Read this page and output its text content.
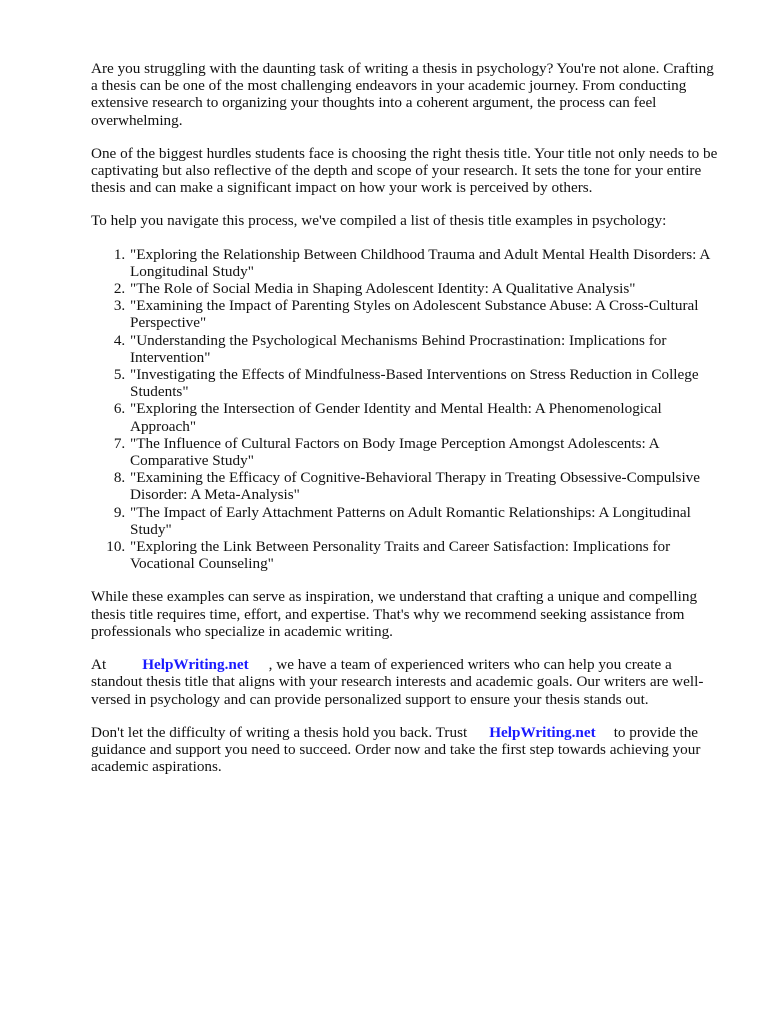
Are you struggling with the daunting task of writing a thesis in psychology? You're not alone. Crafting a thesis can be one of the most challenging endeavors in your academic journey. From conducting extensive research to organizing your thoughts into a coherent argument, the process can feel overwhelming.

One of the biggest hurdles students face is choosing the right thesis title. Your title not only needs to be captivating but also reflective of the depth and scope of your research. It sets the tone for your entire thesis and can make a significant impact on how your work is perceived by others.

To help you navigate this process, we've compiled a list of thesis title examples in psychology:

1. "Exploring the Relationship Between Childhood Trauma and Adult Mental Health Disorders: A Longitudinal Study"
2. "The Role of Social Media in Shaping Adolescent Identity: A Qualitative Analysis"
3. "Examining the Impact of Parenting Styles on Adolescent Substance Abuse: A Cross-Cultural Perspective"
4. "Understanding the Psychological Mechanisms Behind Procrastination: Implications for Intervention"
5. "Investigating the Effects of Mindfulness-Based Interventions on Stress Reduction in College Students"
6. "Exploring the Intersection of Gender Identity and Mental Health: A Phenomenological Approach"
7. "The Influence of Cultural Factors on Body Image Perception Amongst Adolescents: A Comparative Study"
8. "Examining the Efficacy of Cognitive-Behavioral Therapy in Treating Obsessive-Compulsive Disorder: A Meta-Analysis"
9. "The Impact of Early Attachment Patterns on Adult Romantic Relationships: A Longitudinal Study"
10. "Exploring the Link Between Personality Traits and Career Satisfaction: Implications for Vocational Counseling"

While these examples can serve as inspiration, we understand that crafting a unique and compelling thesis title requires time, effort, and expertise. That's why we recommend seeking assistance from professionals who specialize in academic writing.

At HelpWriting.net , we have a team of experienced writers who can help you create a standout thesis title that aligns with your research interests and academic goals. Our writers are well-versed in psychology and can provide personalized support to ensure your thesis stands out.

Don't let the difficulty of writing a thesis hold you back. Trust HelpWriting.net to provide the guidance and support you need to succeed. Order now and take the first step towards achieving your academic aspirations.
